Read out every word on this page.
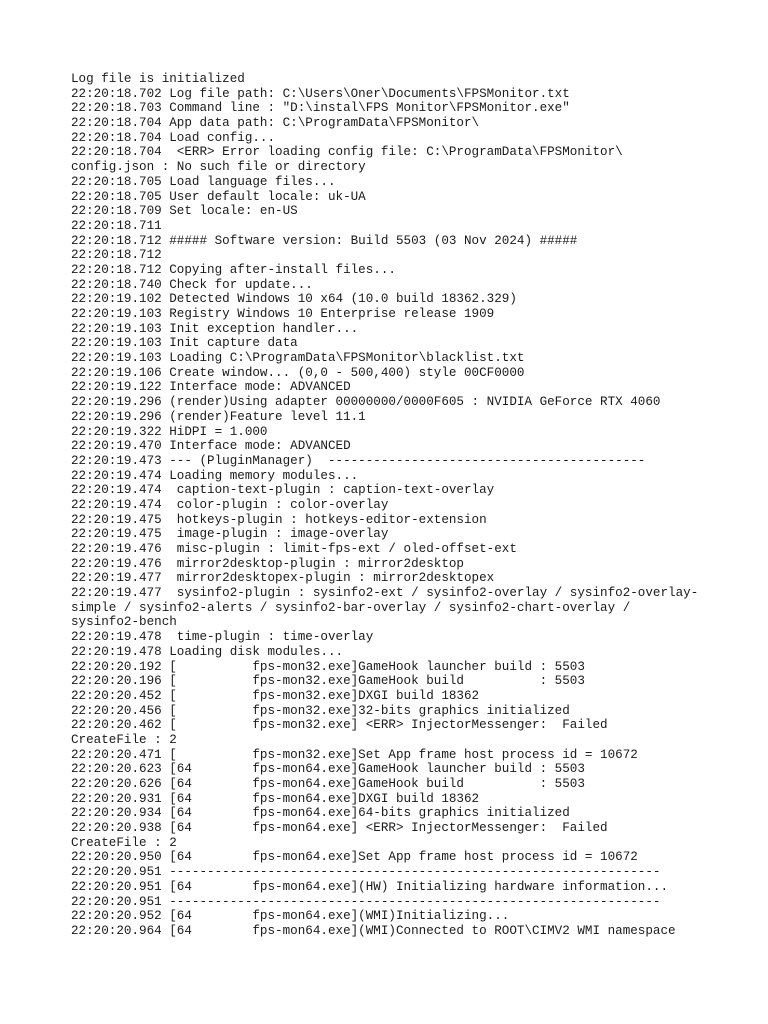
Log file is initialized
22:20:18.702 Log file path: C:\Users\Oner\Documents\FPSMonitor.txt
22:20:18.703 Command line : "D:\instal\FPS Monitor\FPSMonitor.exe"
22:20:18.704 App data path: C:\ProgramData\FPSMonitor\
22:20:18.704 Load config...
22:20:18.704  <ERR> Error loading config file: C:\ProgramData\FPSMonitor\
config.json : No such file or directory
22:20:18.705 Load language files...
22:20:18.705 User default locale: uk-UA
22:20:18.709 Set locale: en-US
22:20:18.711
22:20:18.712 ##### Software version: Build 5503 (03 Nov 2024) #####
22:20:18.712
22:20:18.712 Copying after-install files...
22:20:18.740 Check for update...
22:20:19.102 Detected Windows 10 x64 (10.0 build 18362.329)
22:20:19.103 Registry Windows 10 Enterprise release 1909
22:20:19.103 Init exception handler...
22:20:19.103 Init capture data
22:20:19.103 Loading C:\ProgramData\FPSMonitor\blacklist.txt
22:20:19.106 Create window... (0,0 - 500,400) style 00CF0000
22:20:19.122 Interface mode: ADVANCED
22:20:19.296 (render)Using adapter 00000000/0000F605 : NVIDIA GeForce RTX 4060
22:20:19.296 (render)Feature level 11.1
22:20:19.322 HiDPI = 1.000
22:20:19.470 Interface mode: ADVANCED
22:20:19.473 --- (PluginManager)  ------------------------------------------
22:20:19.474 Loading memory modules...
22:20:19.474  caption-text-plugin : caption-text-overlay
22:20:19.474  color-plugin : color-overlay
22:20:19.475  hotkeys-plugin : hotkeys-editor-extension
22:20:19.475  image-plugin : image-overlay
22:20:19.476  misc-plugin : limit-fps-ext / oled-offset-ext
22:20:19.476  mirror2desktop-plugin : mirror2desktop
22:20:19.477  mirror2desktopex-plugin : mirror2desktopex
22:20:19.477  sysinfo2-plugin : sysinfo2-ext / sysinfo2-overlay / sysinfo2-overlay-
simple / sysinfo2-alerts / sysinfo2-bar-overlay / sysinfo2-chart-overlay /
sysinfo2-bench
22:20:19.478  time-plugin : time-overlay
22:20:19.478 Loading disk modules...
22:20:20.192 [          fps-mon32.exe]GameHook launcher build : 5503
22:20:20.196 [          fps-mon32.exe]GameHook build          : 5503
22:20:20.452 [          fps-mon32.exe]DXGI build 18362
22:20:20.456 [          fps-mon32.exe]32-bits graphics initialized
22:20:20.462 [          fps-mon32.exe] <ERR> InjectorMessenger:  Failed
CreateFile : 2
22:20:20.471 [          fps-mon32.exe]Set App frame host process id = 10672
22:20:20.623 [64        fps-mon64.exe]GameHook launcher build : 5503
22:20:20.626 [64        fps-mon64.exe]GameHook build          : 5503
22:20:20.931 [64        fps-mon64.exe]DXGI build 18362
22:20:20.934 [64        fps-mon64.exe]64-bits graphics initialized
22:20:20.938 [64        fps-mon64.exe] <ERR> InjectorMessenger:  Failed
CreateFile : 2
22:20:20.950 [64        fps-mon64.exe]Set App frame host process id = 10672
22:20:20.951 -----------------------------------------------------------------
22:20:20.951 [64        fps-mon64.exe](HW) Initializing hardware information...
22:20:20.951 -----------------------------------------------------------------
22:20:20.952 [64        fps-mon64.exe](WMI)Initializing...
22:20:20.964 [64        fps-mon64.exe](WMI)Connected to ROOT\CIMV2 WMI namespace
